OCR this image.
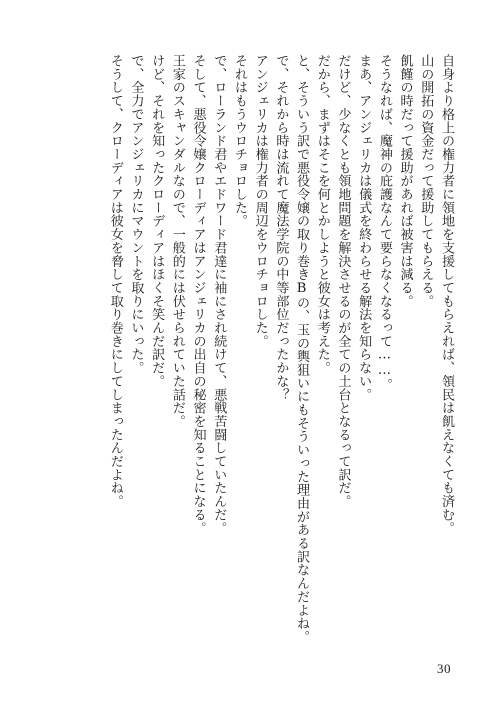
自身より格上の権力者に領地を支援してもらえれば、領民は飢えなくても済む。
山の開拓の資金だって援助してもらえる。
飢饉の時だって援助があれば被害は減る。
そうなれば、魔神の庇護なんて要らなくなるって……。
まあ、アンジェリカは儀式を終わらせる解法を知らない。
だけど、少なくとも領地問題を解決させるのが全ての土台となるって訳だ。
だから、まずはそこを何とかしようと彼女は考えた。
と、そういう訳で悪役令嬢の取り巻きBの、玉の輿狙いにもそういった理由がある訳なんだよね。
で、それから時は流れて魔法学院の中等部位だったかな？
アンジェリカは権力者の周辺をウロチョロした。
それはもうウロチョロした。
で、ローランド君やエドワード君達に袖にされ続けて、悪戦苦闘していたんだ。
そして、悪役令嬢クローディアはアンジェリカの出自の秘密を知ることになる。
王家のスキャンダルなので、一般的には伏せられていた話だ。
けど、それを知ったクローディアはほくそ笑んだ訳だ。
で、全力でアンジェリカにマウントを取りにいった。
そうして、クローディアは彼女を脅して取り巻きにしてしまったんだよね。
30
